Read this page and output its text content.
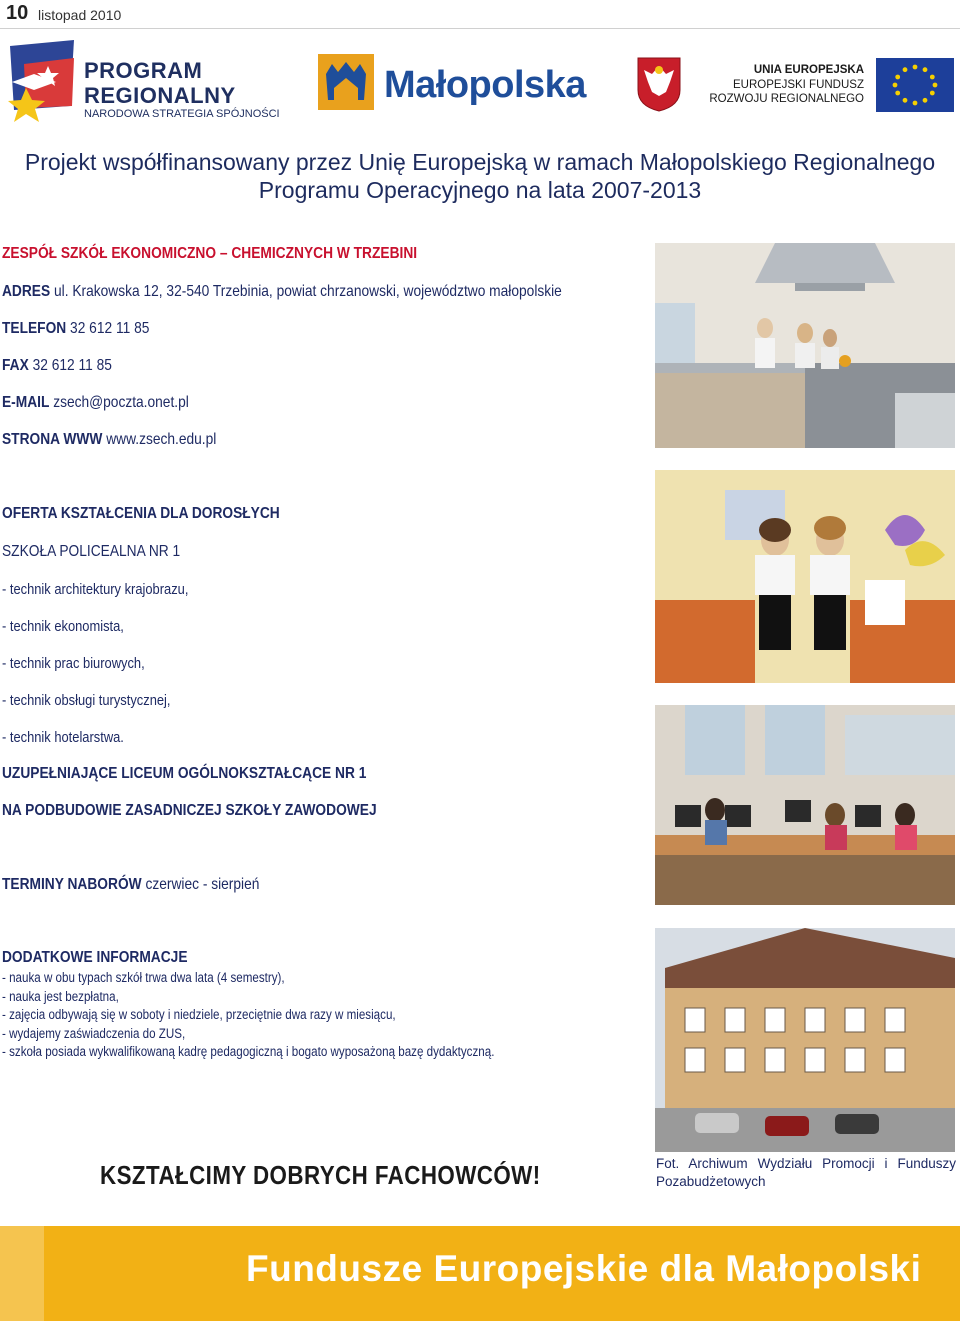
10 listopad 2010
PROGRAM
REGIONALNY
NARODOWA STRATEGIA SPÓJNOŚCI
Małopolska	UNIA EUROPEJSKA
EUROPEJSKI FUNDUSZ
ROZWOJU REGIONALNEGO
Projekt współfinansowany przez Unię Europejską w ramach Małopolskiego Regionalnego
Programu Operacyjnego na lata 2007-2013
ZESPÓŁ SZKÓŁ EKONOMICZNO – CHEMICZNYCH W TRZEBINI
ADRES ul. Krakowska 12, 32-540 Trzebinia, powiat chrzanowski, województwo małopolskie
TELEFON 32 612 11 85
FAX 32 612 11 85
E-MAIL zsech@poczta.onet.pl
STRONA WWW www.zsech.edu.pl
OFERTA KSZTAŁCENIA DLA DOROSŁYCH
SZKOŁA POLICEALNA NR 1
- technik architektury krajobrazu,
- technik ekonomista,
- technik prac biurowych,
- technik obsługi turystycznej,
- technik hotelarstwa.
UZUPEŁNIAJĄCE LICEUM OGÓLNOKSZTAŁCĄCE NR 1
NA PODBUDOWIE ZASADNICZEJ SZKOŁY ZAWODOWEJ
TERMINY NABORÓW czerwiec - sierpień
DODATKOWE INFORMACJE
- nauka w obu typach szkół trwa dwa lata (4 semestry),
- nauka jest bezpłatna,
- zajęcia odbywają się w soboty i niedziele, przeciętnie dwa razy w miesiącu,
- wydajemy zaświadczenia do ZUS,
- szkoła posiada wykwalifikowaną kadrę pedagogiczną i bogato wyposażoną bazę dydaktyczną.
KSZTAŁCIMY DOBRYCH FACHOWCÓW!	Fot. Archiwum Wydziału Promocji i Funduszy Pozabudżetowych
Fundusze Europejskie dla Małopolski
